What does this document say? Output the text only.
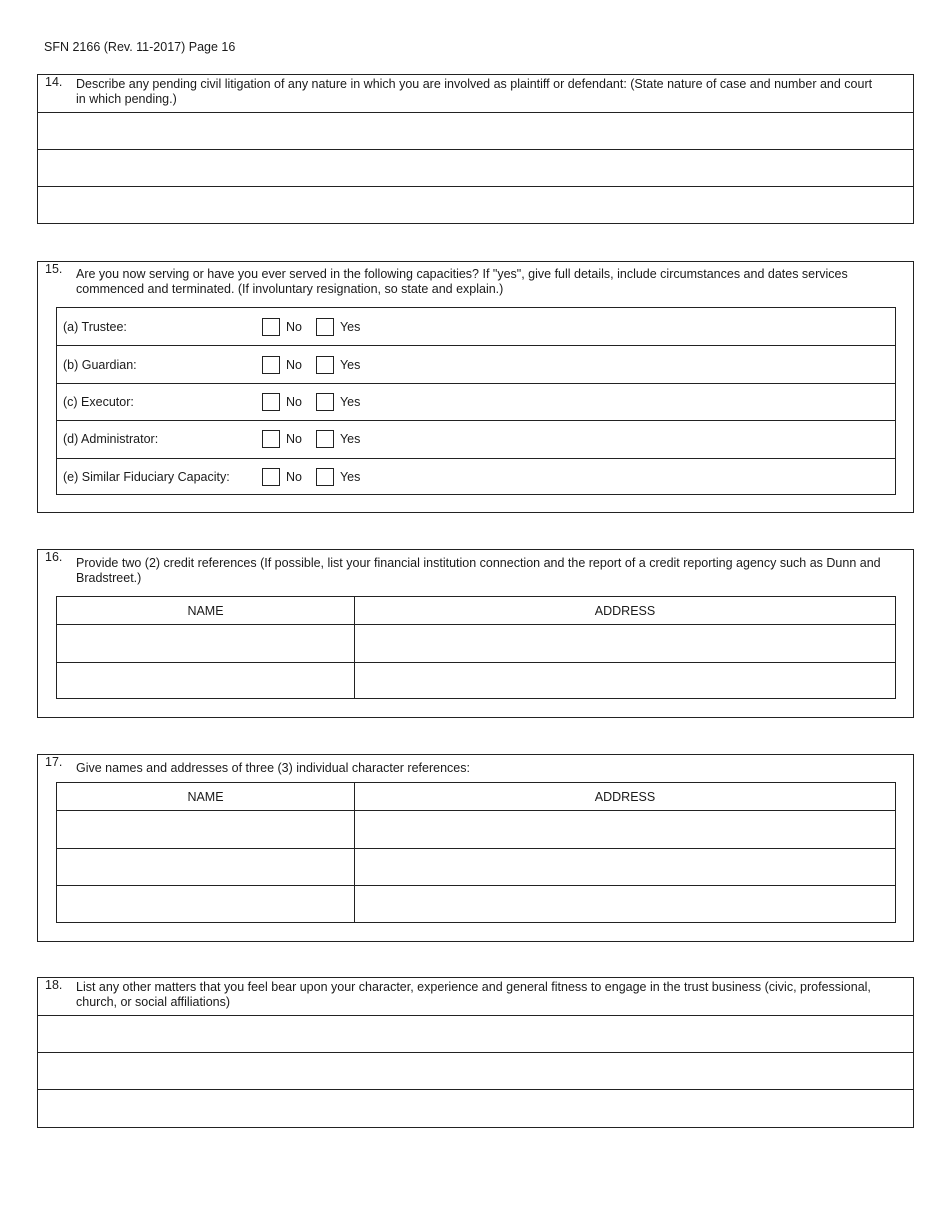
SFN 2166 (Rev. 11-2017) Page 16
14. Describe any pending civil litigation of any nature in which you are involved as plaintiff or defendant: (State nature of case and number and court in which pending.)
15. Are you now serving or have you ever served in the following capacities? If "yes", give full details, include circumstances and dates services commenced and terminated. (If involuntary resignation, so state and explain.)
(a) Trustee:	No	Yes
(b) Guardian:	No	Yes
(c) Executor:	No	Yes
(d) Administrator:	No	Yes
(e) Similar Fiduciary Capacity:	No	Yes
16. Provide two (2) credit references (If possible, list your financial institution connection and the report of a credit reporting agency such as Dunn and Bradstreet.)
NAME	ADDRESS
17. Give names and addresses of three (3) individual character references:
NAME	ADDRESS
18. List any other matters that you feel bear upon your character, experience and general fitness to engage in the trust business (civic, professional, church, or social affiliations)
